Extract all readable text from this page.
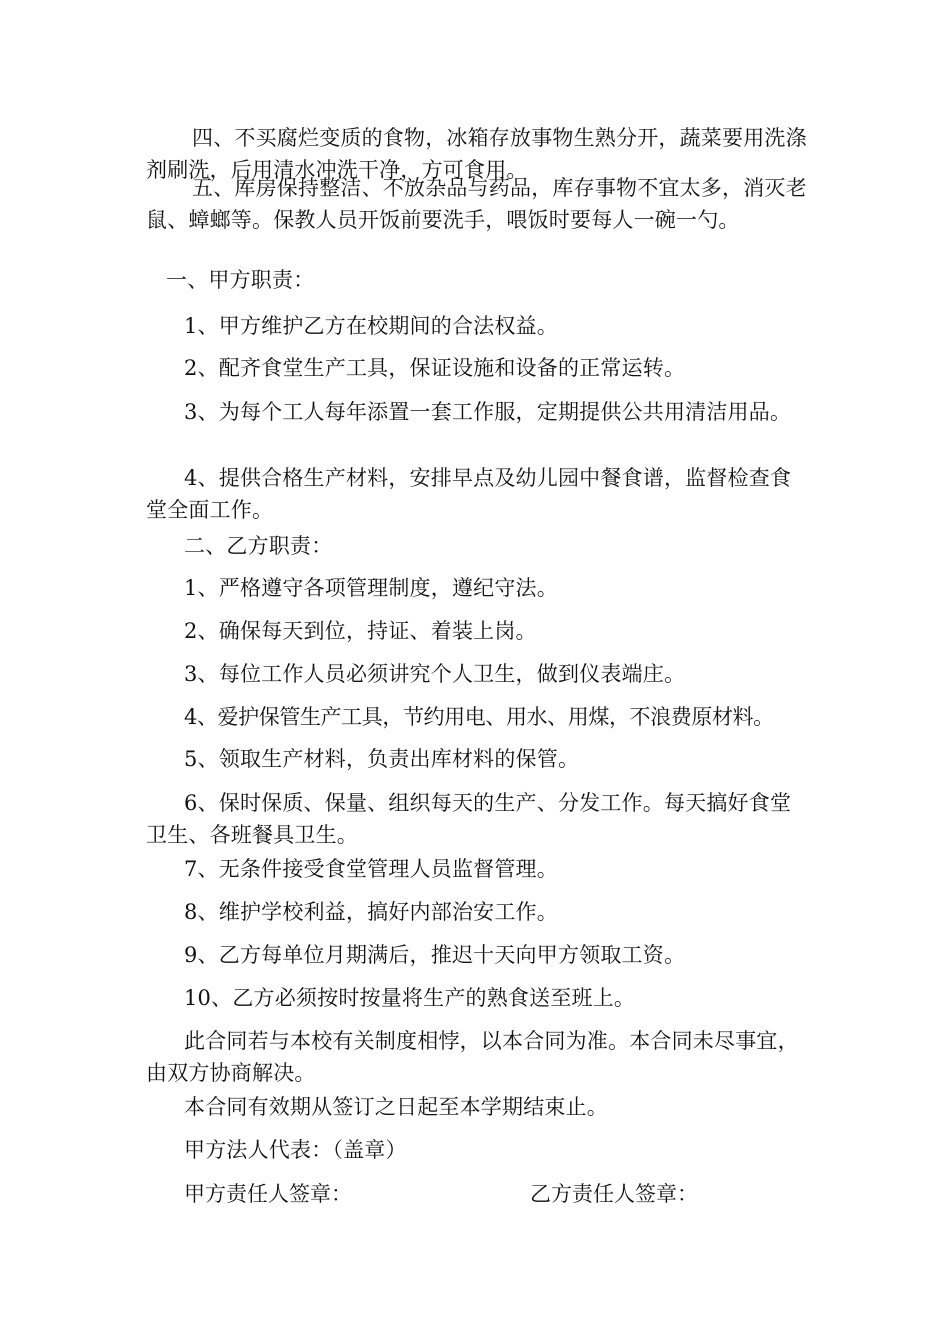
四、不买腐烂变质的食物，冰箱存放事物生熟分开，蔬菜要用洗涤剂刷洗，后用清水冲洗干净，方可食用。

五、库房保持整洁、不放杂品与药品，库存事物不宜太多，消灭老鼠、蟑螂等。保教人员开饭前要洗手，喂饭时要每人一碗一勺。

一、甲方职责：

1、甲方维护乙方在校期间的合法权益。

2、配齐食堂生产工具，保证设施和设备的正常运转。

3、为每个工人每年添置一套工作服，定期提供公共用清洁用品。

4、提供合格生产材料，安排早点及幼儿园中餐食谱，监督检查食堂全面工作。

二、乙方职责：

1、严格遵守各项管理制度，遵纪守法。

2、确保每天到位，持证、着装上岗。

3、每位工作人员必须讲究个人卫生，做到仪表端庄。

4、爱护保管生产工具，节约用电、用水、用煤，不浪费原材料。

5、领取生产材料，负责出库材料的保管。

6、保时保质、保量、组织每天的生产、分发工作。每天搞好食堂卫生、各班餐具卫生。

7、无条件接受食堂管理人员监督管理。

8、维护学校利益，搞好内部治安工作。

9、乙方每单位月期满后，推迟十天向甲方领取工资。

10、乙方必须按时按量将生产的熟食送至班上。

此合同若与本校有关制度相悖，以本合同为准。本合同未尽事宜，由双方协商解决。

本合同有效期从签订之日起至本学期结束止。

甲方法人代表：（盖章）

甲方责任人签章：	乙方责任人签章：
